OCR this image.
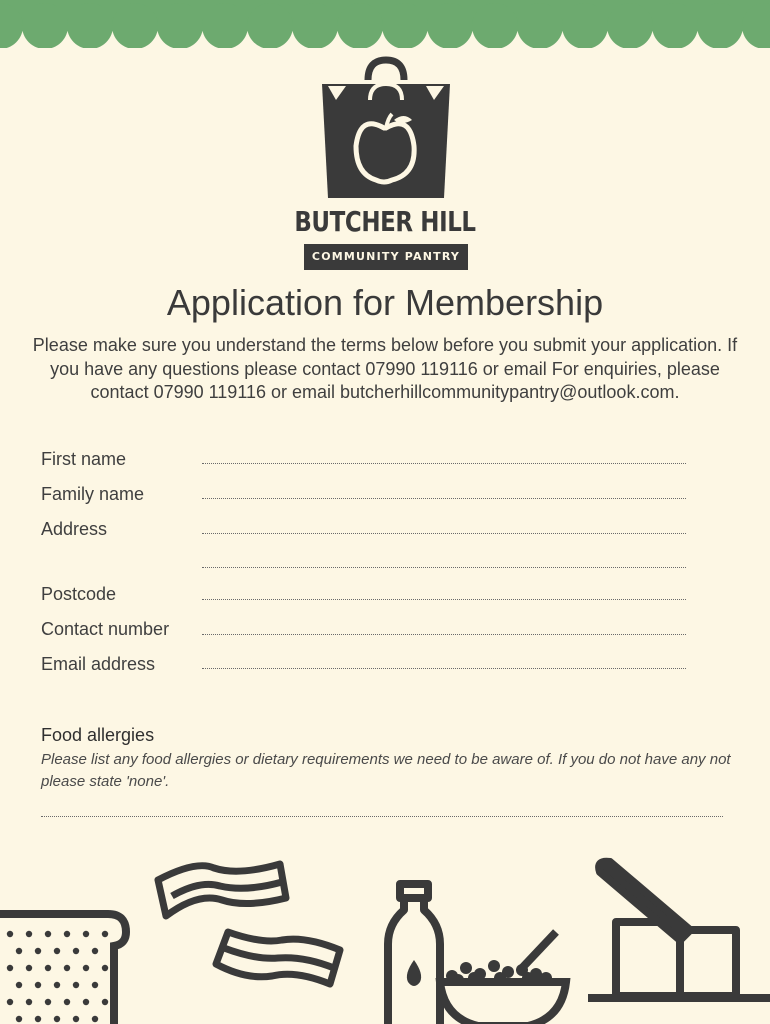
BUTCHER HILL
COMMUNITY PANTRY
Application for Membership

Please make sure you understand the terms below before you submit your application. If you have any questions please contact 07990 119116 or email For enquiries, please contact 07990 119116 or email butcherhillcommunitypantry@outlook.com.

First name
Family name
Address
Postcode
Contact number
Email address
Food allergies

Please list any food allergies or dietary requirements we need to be aware of. If you do not have any not please state 'none'.
